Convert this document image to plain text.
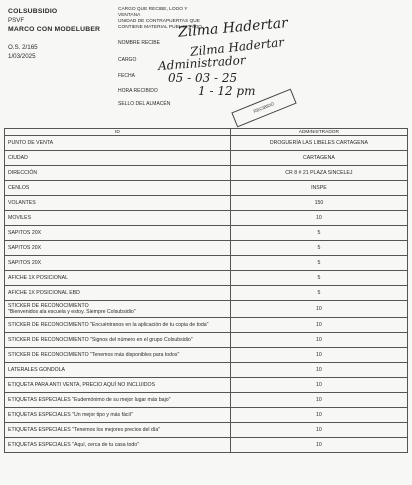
COLSUBSIDIO
PSVF
MARCO CON MODELUBER
O.S. 2/165
1/03/2025
CARGO QUE RECIBE, LOGO Y
VENTANA
UNIDAD DE CONTRAPUERTAS QUE
CONTIENE MATERIAL PUBLICITARIO
NOMBRE RECIBE
CARGO
FECHA
HORA RECIBIDO
SELLO DEL ALMACÉN
Zilma Hadertar
Zilma Hadertar
Administrador
05 - 03 - 25
1 - 12 pm
RECIBIDO
ID	ADMINISTRADOR
PUNTO DE VENTA	DROGUERÍA LAS LIBELES CARTAGENA
CIUDAD	CARTAGENA
DIRECCIÓN	CR 8 # 21 PLAZA SINCELEJ
CENLOS	INSPE
VOLANTES	150
MOVILES	10
SAPITOS 20X	5
SAPITOS 20X	5
SAPITOS 20X	5
AFICHE 1X POSICIONAL	5
AFICHE 1X POSICIONAL EBD	5

STICKER DE RECONOCIMIENTO
"Bienvenidos ala escuela y estoy. Siempre Colsubsidio"	10
STICKER DE RECONOCIMIENTO "Encuéntranos en la aplicación de tu copia de toda"	10
STICKER DE RECONOCIMIENTO "Signos del número en el grupo Colsubsidio"	10
STICKER DE RECONOCIMIENTO "Tenemos más disponibles para todos"	10
LATERALES GONDOLA	10
ETIQUETA PARA ANTI VENTA, PRECIO AQUÍ NO INCLUIDOS	10
ETIQUETAS ESPECIALES "Eudemónimo de su mejor lugar más bajo"	10
ETIQUETAS ESPECIALES "Un mejor tipo y más fácil"	10
ETIQUETAS ESPECIALES "Tenemos los mejores precios del día"	10
ETIQUETAS ESPECIALES "Aquí, cerca de tu casa todo"	10
